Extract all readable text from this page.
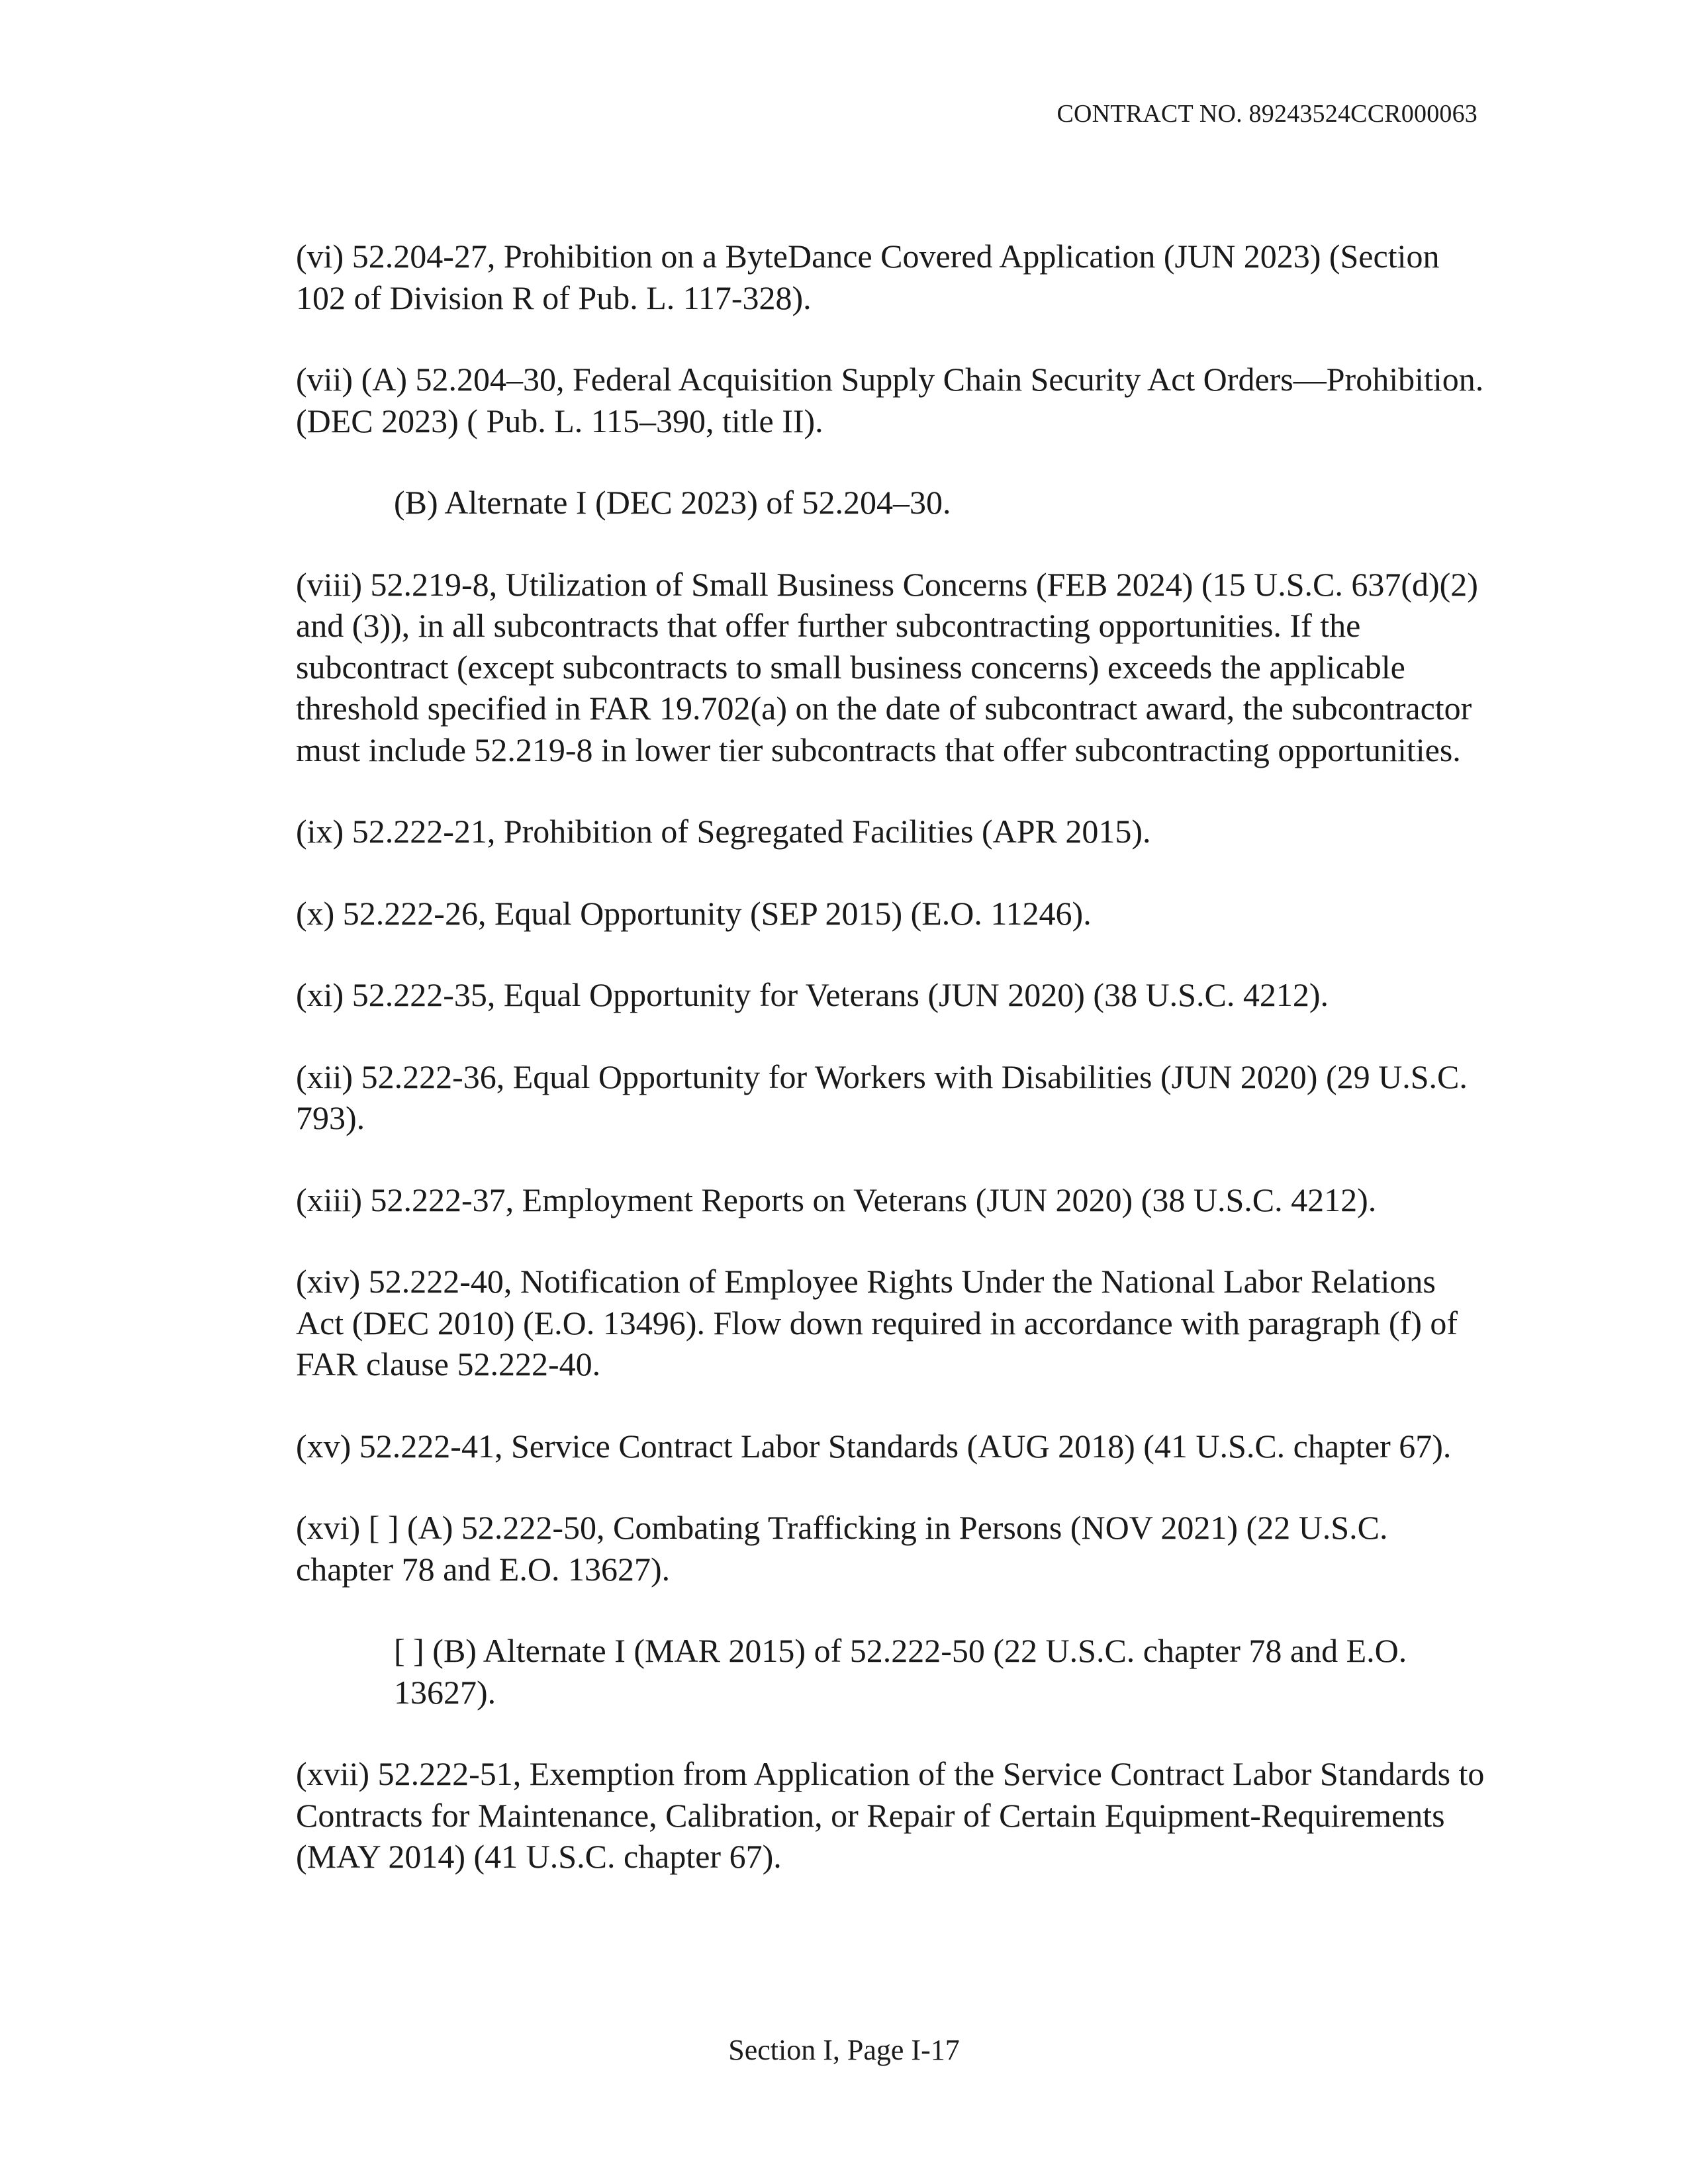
CONTRACT NO. 89243524CCR000063

(vi) 52.204-27, Prohibition on a ByteDance Covered Application (JUN 2023) (Section 102 of Division R of Pub. L. 117-328).

(vii) (A) 52.204–30, Federal Acquisition Supply Chain Security Act Orders—Prohibition. (DEC 2023) ( Pub. L. 115–390, title II).

(B) Alternate I (DEC 2023) of 52.204–30.

(viii) 52.219-8, Utilization of Small Business Concerns (FEB 2024) (15 U.S.C. 637(d)(2) and (3)), in all subcontracts that offer further subcontracting opportunities. If the subcontract (except subcontracts to small business concerns) exceeds the applicable threshold specified in FAR 19.702(a) on the date of subcontract award, the subcontractor must include 52.219-8 in lower tier subcontracts that offer subcontracting opportunities.

(ix) 52.222-21, Prohibition of Segregated Facilities (APR 2015).

(x) 52.222-26, Equal Opportunity (SEP 2015) (E.O. 11246).

(xi) 52.222-35, Equal Opportunity for Veterans (JUN 2020) (38 U.S.C. 4212).

(xii) 52.222-36, Equal Opportunity for Workers with Disabilities (JUN 2020) (29 U.S.C. 793).

(xiii) 52.222-37, Employment Reports on Veterans (JUN 2020) (38 U.S.C. 4212).

(xiv) 52.222-40, Notification of Employee Rights Under the National Labor Relations Act (DEC 2010) (E.O. 13496). Flow down required in accordance with paragraph (f) of FAR clause 52.222-40.

(xv) 52.222-41, Service Contract Labor Standards (AUG 2018) (41 U.S.C. chapter 67).

(xvi) [ ] (A) 52.222-50, Combating Trafficking in Persons (NOV 2021) (22 U.S.C. chapter 78 and E.O. 13627).

[ ] (B) Alternate I (MAR 2015) of 52.222-50 (22 U.S.C. chapter 78 and E.O. 13627).

(xvii) 52.222-51, Exemption from Application of the Service Contract Labor Standards to Contracts for Maintenance, Calibration, or Repair of Certain Equipment-Requirements (MAY 2014) (41 U.S.C. chapter 67).

Section I, Page I-17
